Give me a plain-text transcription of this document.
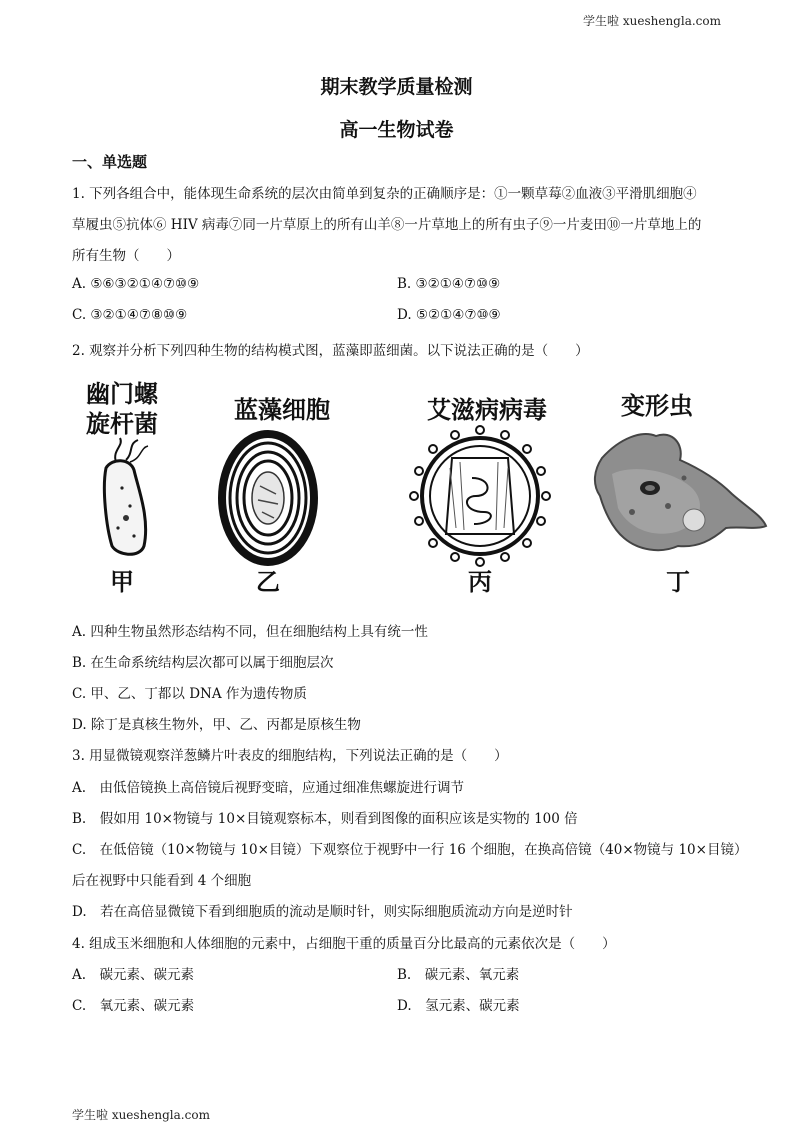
学生啦 xueshengla.com
期末教学质量检测
高一生物试卷
一、单选题
1. 下列各组合中，能体现生命系统的层次由简单到复杂的正确顺序是：①一颗草莓②血液③平滑肌细胞④
草履虫⑤抗体⑥ HIV 病毒⑦同一片草原上的所有山羊⑧一片草地上的所有虫子⑨一片麦田⑩一片草地上的
所有生物（　　）
A. ⑤⑥③②①④⑦⑩⑨	B. ③②①④⑦⑩⑨
C. ③②①④⑦⑧⑩⑨	D. ⑤②①④⑦⑩⑨
2. 观察并分析下列四种生物的结构模式图，蓝藻即蓝细菌。以下说法正确的是（　　）
幽门螺
旋杆菌	蓝藻细胞	艾滋病病毒	变形虫
甲	乙	丙	丁
A. 四种生物虽然形态结构不同，但在细胞结构上具有统一性
B. 在生命系统结构层次都可以属于细胞层次
C. 甲、乙、丁都以 DNA 作为遗传物质
D. 除丁是真核生物外，甲、乙、丙都是原核生物
3. 用显微镜观察洋葱鳞片叶表皮的细胞结构，下列说法正确的是（　　）
A.　由低倍镜换上高倍镜后视野变暗，应通过细准焦螺旋进行调节
B.　假如用 10×物镜与 10×目镜观察标本，则看到图像的面积应该是实物的 100 倍
C.　在低倍镜（10×物镜与 10×目镜）下观察位于视野中一行 16 个细胞，在换高倍镜（40×物镜与 10×目镜）
后在视野中只能看到 4 个细胞
D.　若在高倍显微镜下看到细胞质的流动是顺时针，则实际细胞质流动方向是逆时针
4. 组成玉米细胞和人体细胞的元素中，占细胞干重的质量百分比最高的元素依次是（　　）
A.　碳元素、碳元素	B.　碳元素、氧元素
C.　氧元素、碳元素	D.　氢元素、碳元素
学生啦 xueshengla.com
